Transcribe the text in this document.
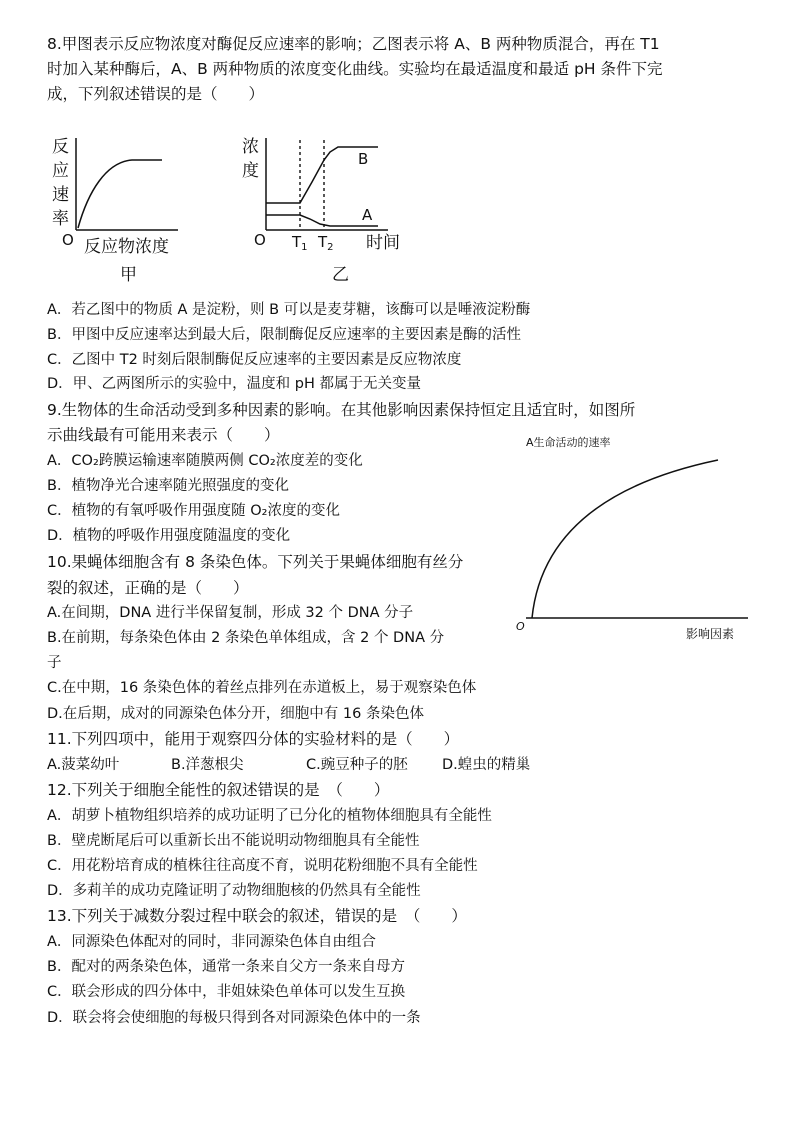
8.甲图表示反应物浓度对酶促反应速率的影响；乙图表示将 A、B 两种物质混合，再在 T1
时加入某种酶后，A、B 两种物质的浓度变化曲线。实验均在最适温度和最适 pH 条件下完
成，下列叙述错误的是（　　）
反
应
速
率
O 反应物浓度
甲
浓
度
B
A
O $T_1$ $T_2$ 时间
乙
A．若乙图中的物质 A 是淀粉，则 B 可以是麦芽糖，该酶可以是唾液淀粉酶
B．甲图中反应速率达到最大后，限制酶促反应速率的主要因素是酶的活性
C．乙图中 T2 时刻后限制酶促反应速率的主要因素是反应物浓度
D．甲、乙两图所示的实验中，温度和 pH 都属于无关变量
9.生物体的生命活动受到多种因素的影响。在其他影响因素保持恒定且适宜时，如图所
示曲线最有可能用来表示（　　）
A．CO₂跨膜运输速率随膜两侧 CO₂浓度差的变化
B．植物净光合速率随光照强度的变化
C．植物的有氧呼吸作用强度随 O₂浓度的变化
D．植物的呼吸作用强度随温度的变化
A生命活动的速率
O
影响因素
10.果蝇体细胞含有 8 条染色体。下列关于果蝇体细胞有丝分
裂的叙述，正确的是（　　）
A.在间期，DNA 进行半保留复制，形成 32 个 DNA 分子
B.在前期，每条染色体由 2 条染色单体组成，含 2 个 DNA 分
子
C.在中期，16 条染色体的着丝点排列在赤道板上，易于观察染色体
D.在后期，成对的同源染色体分开，细胞中有 16 条染色体
11.下列四项中，能用于观察四分体的实验材料的是（　　）
A.菠菜幼叶	B.洋葱根尖	C.豌豆种子的胚 D.蝗虫的精巢
12.下列关于细胞全能性的叙述错误的是　（　　）
A．胡萝卜植物组织培养的成功证明了已分化的植物体细胞具有全能性
B．壁虎断尾后可以重新长出不能说明动物细胞具有全能性
C．用花粉培育成的植株往往高度不育，说明花粉细胞不具有全能性
D．多莉羊的成功克隆证明了动物细胞核的仍然具有全能性
13.下列关于减数分裂过程中联会的叙述，错误的是　（　　）
A．同源染色体配对的同时，非同源染色体自由组合
B．配对的两条染色体，通常一条来自父方一条来自母方
C．联会形成的四分体中，非姐妹染色单体可以发生互换
D．联会将会使细胞的每极只得到各对同源染色体中的一条
